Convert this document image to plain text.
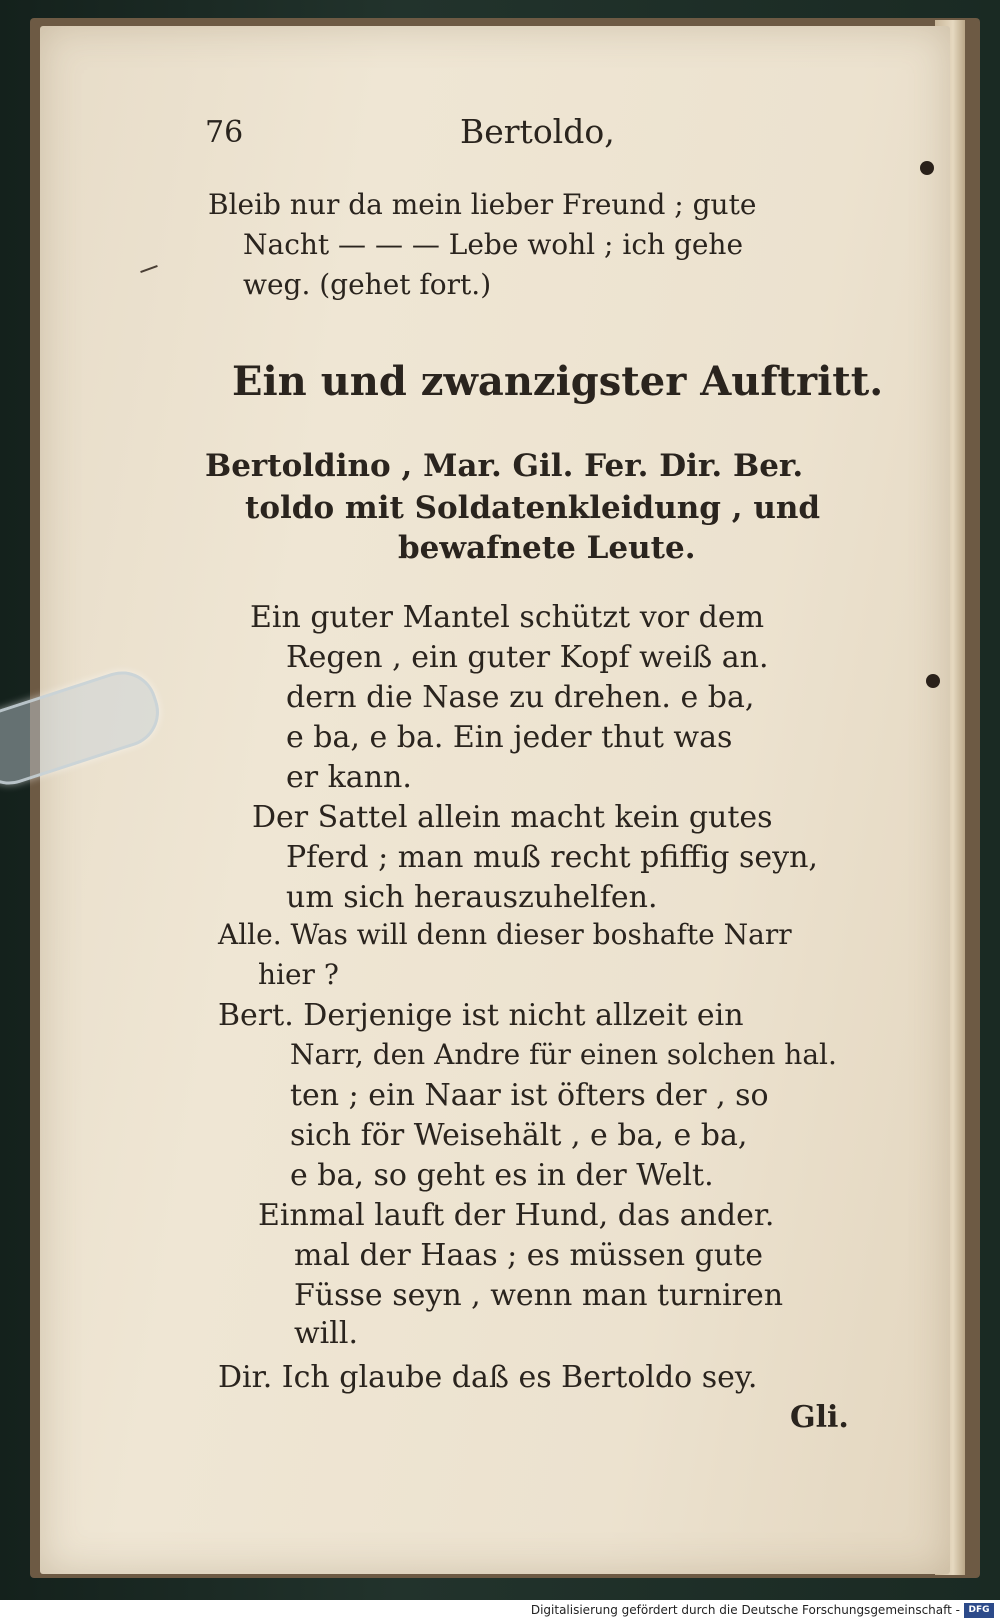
76	Bertoldo,
Bleib nur da mein lieber Freund ; gute
Nacht — — — Lebe wohl ; ich gehe
weg. (gehet fort.)
Ein und zwanzigster Auftritt.
Bertoldino , Mar. Gil. Fer. Dir. Ber.
toldo mit Soldatenkleidung , und
bewafnete Leute.
Ein guter Mantel schützt vor dem
Regen , ein guter Kopf weiß an.
dern die Nase zu drehen. e ba,
e ba, e ba. Ein jeder thut was
er kann.
Der Sattel allein macht kein gutes
Pferd ; man muß recht pfiffig seyn,
um sich herauszuhelfen.
Alle. Was will denn dieser boshafte Narr
hier ?
Bert. Derjenige ist nicht allzeit ein
Narr, den Andre für einen solchen hal.
ten ; ein Naar ist öfters der , so
sich för Weisehält , e ba, e ba,
e ba, so geht es in der Welt.
Einmal lauft der Hund, das ander.
mal der Haas ; es müssen gute
Füsse seyn , wenn man turniren
will.
Dir. Ich glaube daß es Bertoldo sey.
Gli.
Digitalisierung gefördert durch die Deutsche Forschungsgemeinschaft - DFG
